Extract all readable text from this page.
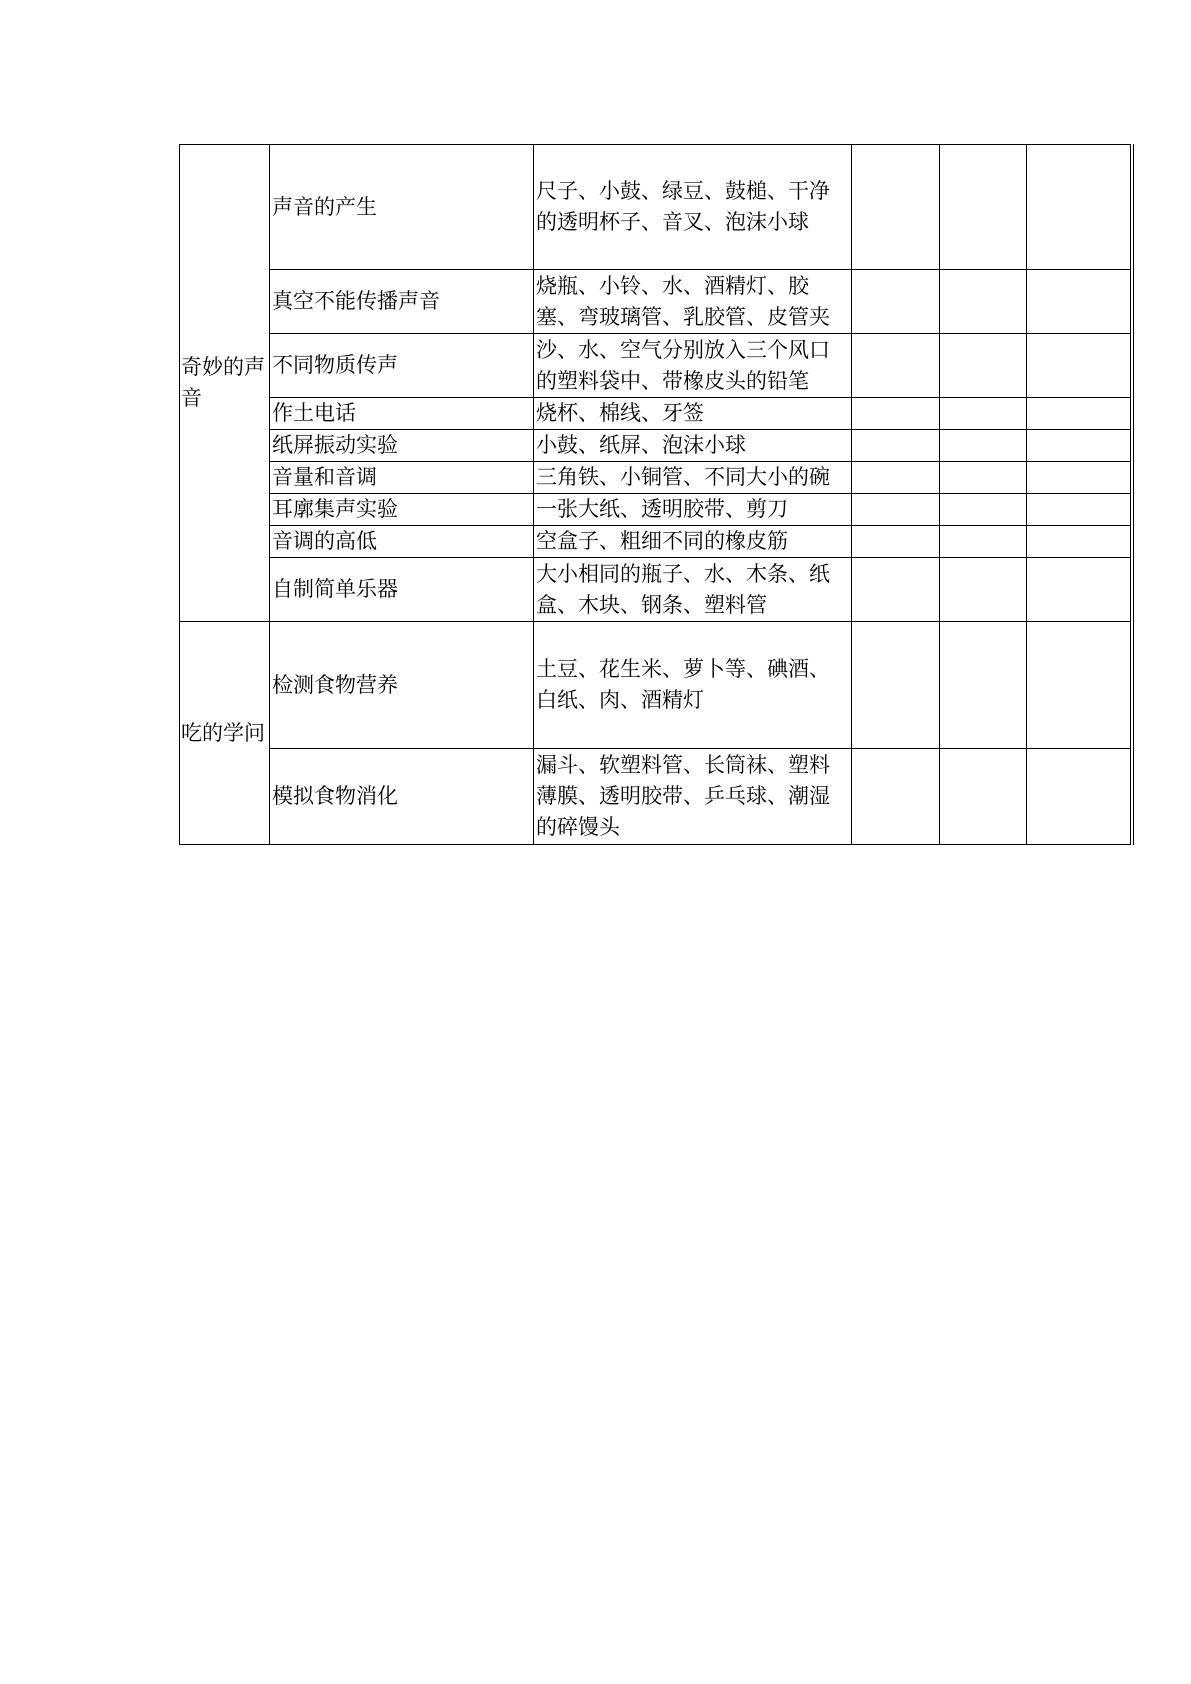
奇妙的声音	声音的产生	尺子、小鼓、绿豆、鼓槌、干净的透明杯子、音叉、泡沫小球			
	真空不能传播声音	烧瓶、小铃、水、酒精灯、胶塞、弯玻璃管、乳胶管、皮管夹			
	不同物质传声	沙、水、空气分别放入三个风口的塑料袋中、带橡皮头的铅笔			
	作土电话	烧杯、棉线、牙签			
	纸屏振动实验	小鼓、纸屏、泡沫小球			
	音量和音调	三角铁、小铜管、不同大小的碗			
	耳廓集声实验	一张大纸、透明胶带、剪刀			
	音调的高低	空盒子、粗细不同的橡皮筋			
	自制简单乐器	大小相同的瓶子、水、木条、纸盒、木块、钢条、塑料管			
吃的学问	检测食物营养	土豆、花生米、萝卜等、碘酒、白纸、肉、酒精灯			
	模拟食物消化	漏斗、软塑料管、长筒袜、塑料薄膜、透明胶带、乒乓球、潮湿的碎馒头			
